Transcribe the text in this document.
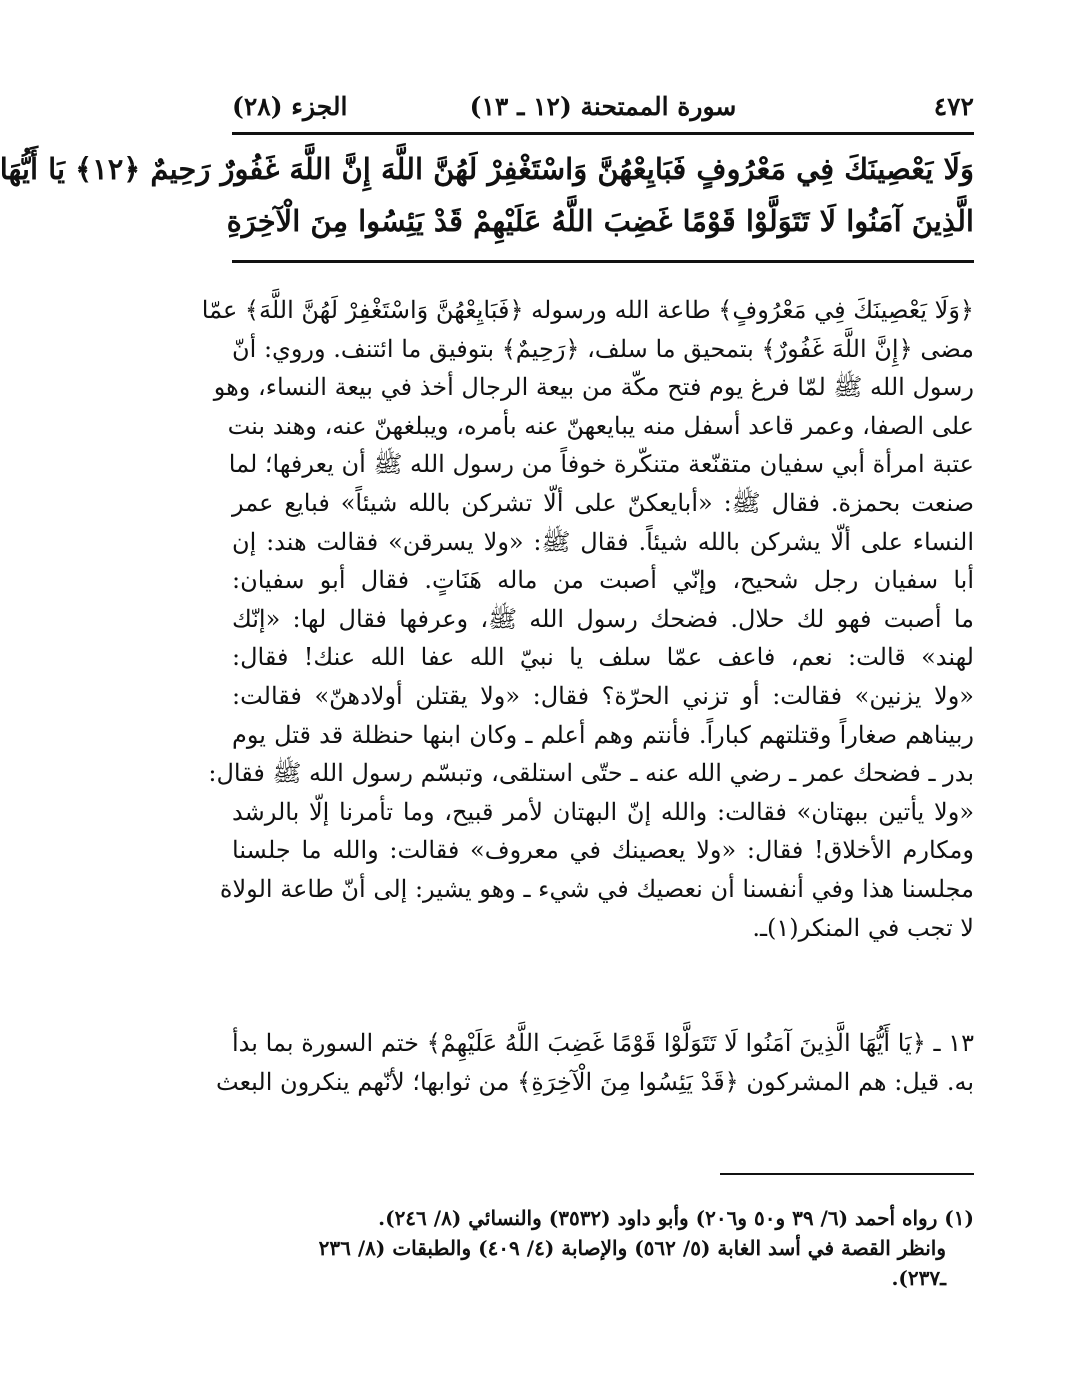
٤٧٢
سورة الممتحنة (١٢ ـ ١٣)
الجزء (٢٨)
وَلَا يَعْصِينَكَ فِي مَعْرُوفٍ فَبَايِعْهُنَّ وَاسْتَغْفِرْ لَهُنَّ اللَّهَ إِنَّ اللَّهَ غَفُورٌ رَحِيمٌ ﴿١٢﴾ يَا أَيُّهَا
الَّذِينَ آمَنُوا لَا تَتَوَلَّوْا قَوْمًا غَضِبَ اللَّهُ عَلَيْهِمْ قَدْ يَئِسُوا مِنَ الْآخِرَةِ
﴿وَلَا يَعْصِينَكَ فِي مَعْرُوفٍ﴾ طاعة الله ورسوله ﴿فَبَايِعْهُنَّ وَاسْتَغْفِرْ لَهُنَّ اللَّهَ﴾ عمّا
مضى ﴿إِنَّ اللَّهَ غَفُورٌ﴾ بتمحيق ما سلف، ﴿رَحِيمٌ﴾ بتوفيق ما ائتنف. وروي: أنّ
رسول الله ﷺ لمّا فرغ يوم فتح مكّة من بيعة الرجال أخذ في بيعة النساء، وهو
على الصفا، وعمر قاعد أسفل منه يبايعهنّ عنه بأمره، ويبلغهنّ عنه، وهند بنت
عتبة امرأة أبي سفيان متقنّعة متنكّرة خوفاً من رسول الله ﷺ أن يعرفها؛ لما
صنعت بحمزة. فقال ﷺ: «أبايعكنّ على ألّا تشركن بالله شيئاً» فبايع عمر
النساء على ألّا يشركن بالله شيئاً. فقال ﷺ: «ولا يسرقن» فقالت هند: إن
أبا سفيان رجل شحيح، وإنّي أصبت من ماله هَنَاتٍ. فقال أبو سفيان:
ما أصبت فهو لك حلال. فضحك رسول الله ﷺ، وعرفها فقال لها: «إنّك
لهند» قالت: نعم، فاعف عمّا سلف يا نبيّ الله عفا الله عنك! فقال:
«ولا يزنين» فقالت: أو تزني الحرّة؟ فقال: «ولا يقتلن أولادهنّ» فقالت:
ربيناهم صغاراً وقتلتهم كباراً. فأنتم وهم أعلم ـ وكان ابنها حنظلة قد قتل يوم
بدر ـ فضحك عمر ـ رضي الله عنه ـ حتّى استلقى، وتبسّم رسول الله ﷺ فقال:
«ولا يأتين ببهتان» فقالت: والله إنّ البهتان لأمر قبيح، وما تأمرنا إلّا بالرشد
ومكارم الأخلاق! فقال: «ولا يعصينك في معروف» فقالت: والله ما جلسنا
مجلسنا هذا وفي أنفسنا أن نعصيك في شيء ـ وهو يشير: إلى أنّ طاعة الولاة
لا تجب في المنكر(١)ـ.
١٣ ـ ﴿يَا أَيُّهَا الَّذِينَ آمَنُوا لَا تَتَوَلَّوْا قَوْمًا غَضِبَ اللَّهُ عَلَيْهِمْ﴾ ختم السورة بما بدأ
به. قيل: هم المشركون ﴿قَدْ يَئِسُوا مِنَ الْآخِرَةِ﴾ من ثوابها؛ لأنّهم ينكرون البعث
(١) رواه أحمد (٦/ ٣٩ و٥٠ و٢٠٦) وأبو داود (٣٥٣٢) والنسائي (٨/ ٢٤٦).
وانظر القصة في أسد الغابة (٥/ ٥٦٢) والإصابة (٤/ ٤٠٩) والطبقات (٨/ ٢٣٦
ـ٢٣٧).
